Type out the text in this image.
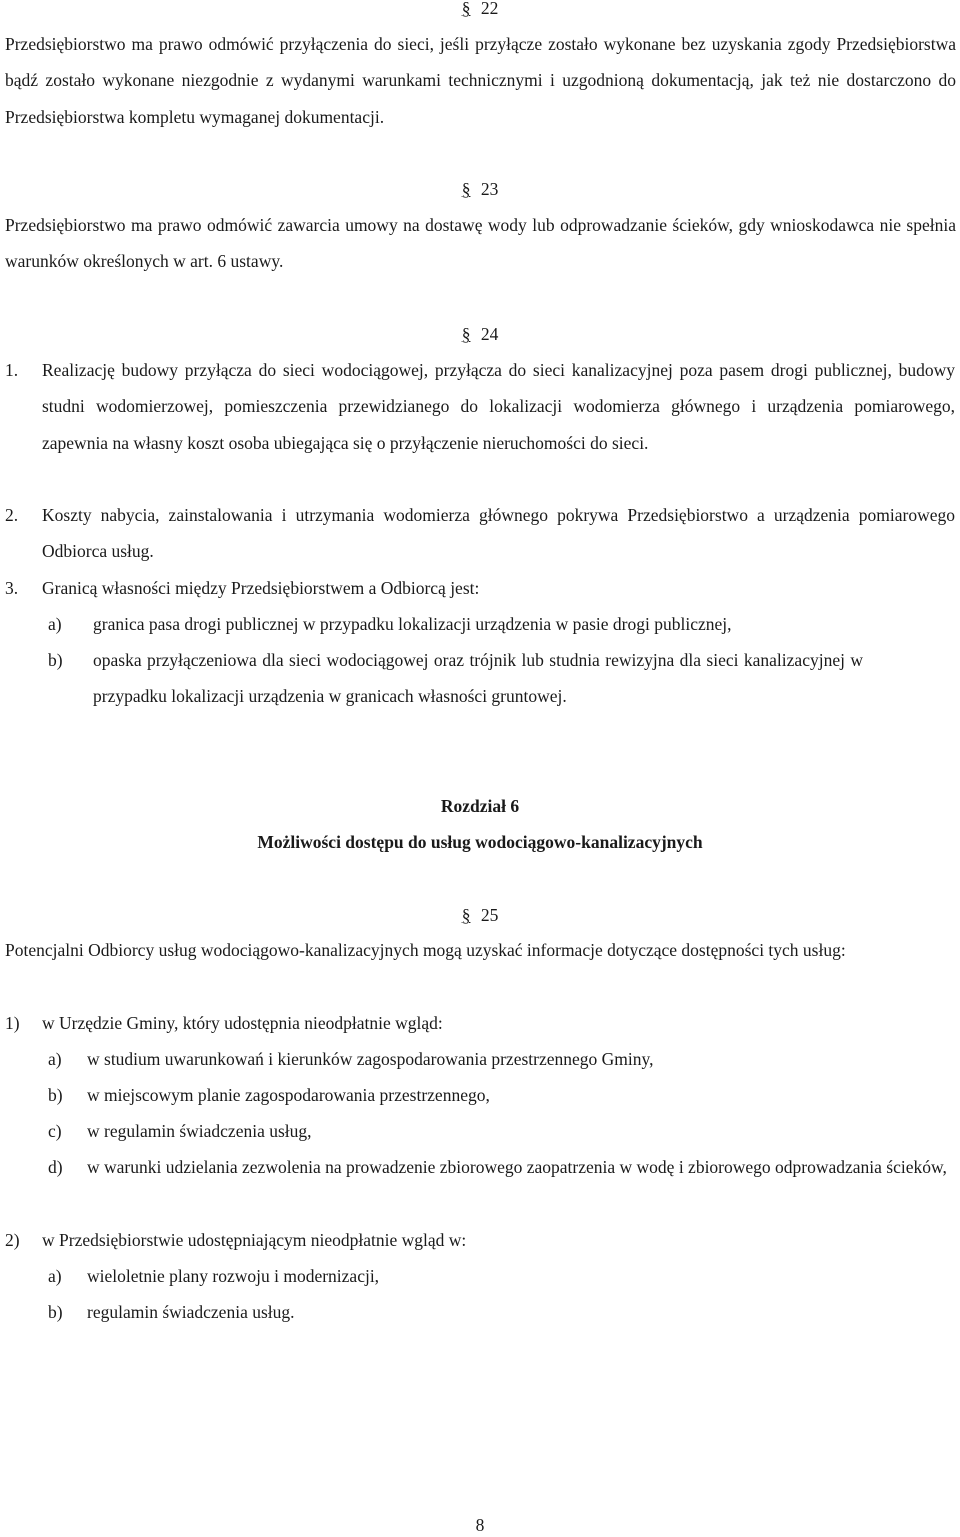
§ 22

Przedsiębiorstwo ma prawo odmówić przyłączenia do sieci, jeśli przyłącze zostało wykonane bez uzyskania zgody Przedsiębiorstwa bądź zostało wykonane niezgodnie z wydanymi warunkami technicznymi i uzgodnioną dokumentacją, jak też nie dostarczono do Przedsiębiorstwa kompletu wymaganej dokumentacji.

§ 23

Przedsiębiorstwo ma prawo odmówić zawarcia umowy na dostawę wody lub odprowadzanie ścieków, gdy wnioskodawca nie spełnia warunków określonych w art. 6 ustawy.

§ 24
1. Realizację budowy przyłącza do sieci wodociągowej, przyłącza do sieci kanalizacyjnej poza pasem drogi publicznej, budowy studni wodomierzowej, pomieszczenia przewidzianego do lokalizacji wodomierza głównego i urządzenia pomiarowego, zapewnia na własny koszt osoba ubiegająca się o przyłączenie nieruchomości do sieci.

2. Koszty nabycia, zainstalowania i utrzymania wodomierza głównego pokrywa Przedsiębiorstwo a urządzenia pomiarowego Odbiorca usług.

3. Granicą własności między Przedsiębiorstwem a Odbiorcą jest:

a) granica pasa drogi publicznej w przypadku lokalizacji urządzenia w pasie drogi publicznej,

b) opaska przyłączeniowa dla sieci wodociągowej oraz trójnik lub studnia rewizyjna dla sieci kanalizacyjnej w przypadku lokalizacji urządzenia w granicach własności gruntowej.

Rozdział 6
Możliwości dostępu do usług wodociągowo-kanalizacyjnych
§ 25

Potencjalni Odbiorcy usług wodociągowo-kanalizacyjnych mogą uzyskać informacje dotyczące dostępności tych usług:

1) w Urzędzie Gminy, który udostępnia nieodpłatnie wgląd:

a) w studium uwarunkowań i kierunków zagospodarowania przestrzennego Gminy,

b) w miejscowym planie zagospodarowania przestrzennego,

c) w regulamin świadczenia usług,

d) w warunki udzielania zezwolenia na prowadzenie zbiorowego zaopatrzenia w wodę i zbiorowego odprowadzania ścieków,

2) w Przedsiębiorstwie udostępniającym nieodpłatnie wgląd w:

a) wieloletnie plany rozwoju i modernizacji,

b) regulamin świadczenia usług.

8
